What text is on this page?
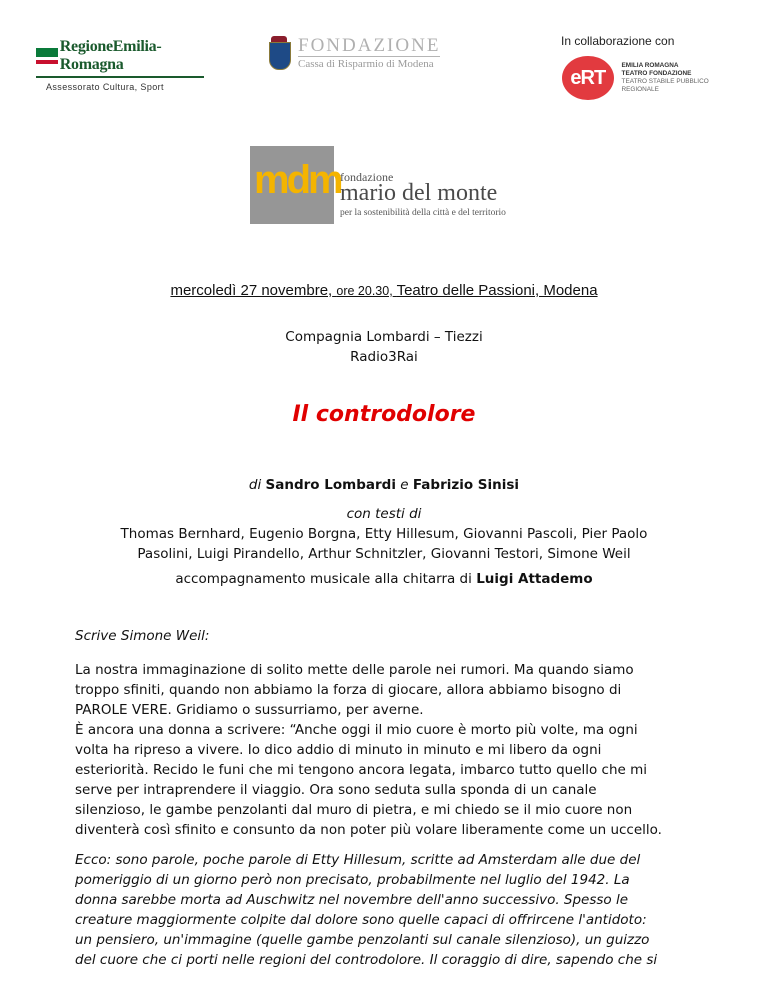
RegioneEmilia-Romagna
Assessorato Cultura, Sport
FONDAZIONE
Cassa di Risparmio di Modena
In collaborazione con
eRT
EMILIA ROMAGNA
TEATRO FONDAZIONE
TEATRO STABILE PUBBLICO REGIONALE
mdm fondazione
mario del monte
per la sostenibilità della città e del territorio
mercoledì 27 novembre, ore 20.30, Teatro delle Passioni, Modena
Compagnia Lombardi – Tiezzi
Radio3Rai
Il controdolore
di Sandro Lombardi e Fabrizio Sinisi
con testi di
Thomas Bernhard, Eugenio Borgna, Etty Hillesum, Giovanni Pascoli, Pier Paolo
Pasolini, Luigi Pirandello, Arthur Schnitzler, Giovanni Testori, Simone Weil
accompagnamento musicale alla chitarra di Luigi Attademo
Scrive Simone Weil:
La nostra immaginazione di solito mette delle parole nei rumori. Ma quando siamo
troppo sfiniti, quando non abbiamo la forza di giocare, allora abbiamo bisogno di
PAROLE VERE. Gridiamo o sussurriamo, per averne.
È ancora una donna a scrivere: “Anche oggi il mio cuore è morto più volte, ma ogni
volta ha ripreso a vivere. Io dico addio di minuto in minuto e mi libero da ogni
esteriorità. Recido le funi che mi tengono ancora legata, imbarco tutto quello che mi
serve per intraprendere il viaggio. Ora sono seduta sulla sponda di un canale
silenzioso, le gambe penzolanti dal muro di pietra, e mi chiedo se il mio cuore non
diventerà così sfinito e consunto da non poter più volare liberamente come un uccello.
Ecco: sono parole, poche parole di Etty Hillesum, scritte ad Amsterdam alle due del
pomeriggio di un giorno però non precisato, probabilmente nel luglio del 1942. La
donna sarebbe morta ad Auschwitz nel novembre dell'anno successivo. Spesso le
creature maggiormente colpite dal dolore sono quelle capaci di offrircene l'antidoto:
un pensiero, un'immagine (quelle gambe penzolanti sul canale silenzioso), un guizzo
del cuore che ci porti nelle regioni del controdolore. Il coraggio di dire, sapendo che si
